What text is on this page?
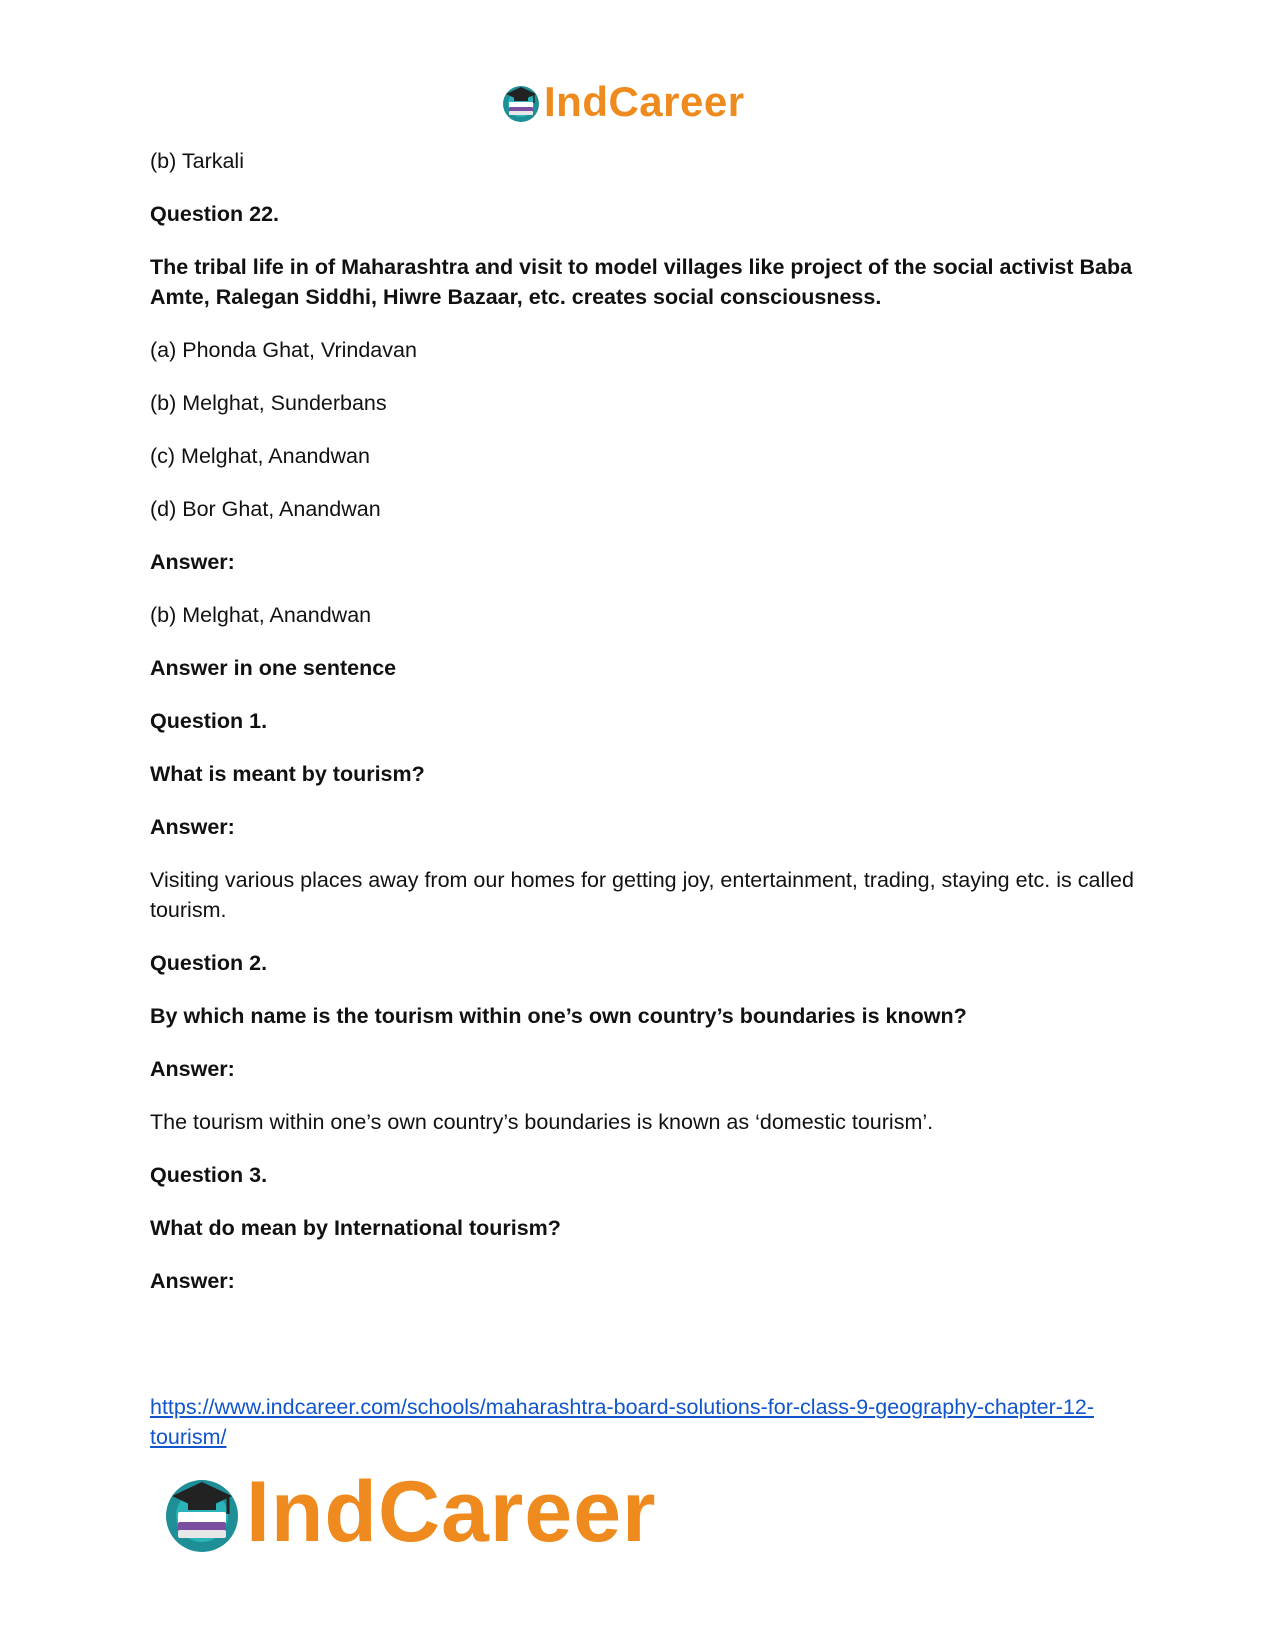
IndCareer

(b) Tarkali

Question 22.

The tribal life in of Maharashtra and visit to model villages like project of the social activist Baba Amte, Ralegan Siddhi, Hiwre Bazaar, etc. creates social consciousness.

(a) Phonda Ghat, Vrindavan

(b) Melghat, Sunderbans

(c) Melghat, Anandwan

(d) Bor Ghat, Anandwan

Answer:

(b) Melghat, Anandwan

Answer in one sentence

Question 1.

What is meant by tourism?

Answer:

Visiting various places away from our homes for getting joy, entertainment, trading, staying etc. is called tourism.

Question 2.

By which name is the tourism within one’s own country’s boundaries is known?

Answer:

The tourism within one’s own country’s boundaries is known as ‘domestic tourism’.

Question 3.

What do mean by International tourism?

Answer:

https://www.indcareer.com/schools/maharashtra-board-solutions-for-class-9-geography-chapter-12-tourism/
IndCareer
